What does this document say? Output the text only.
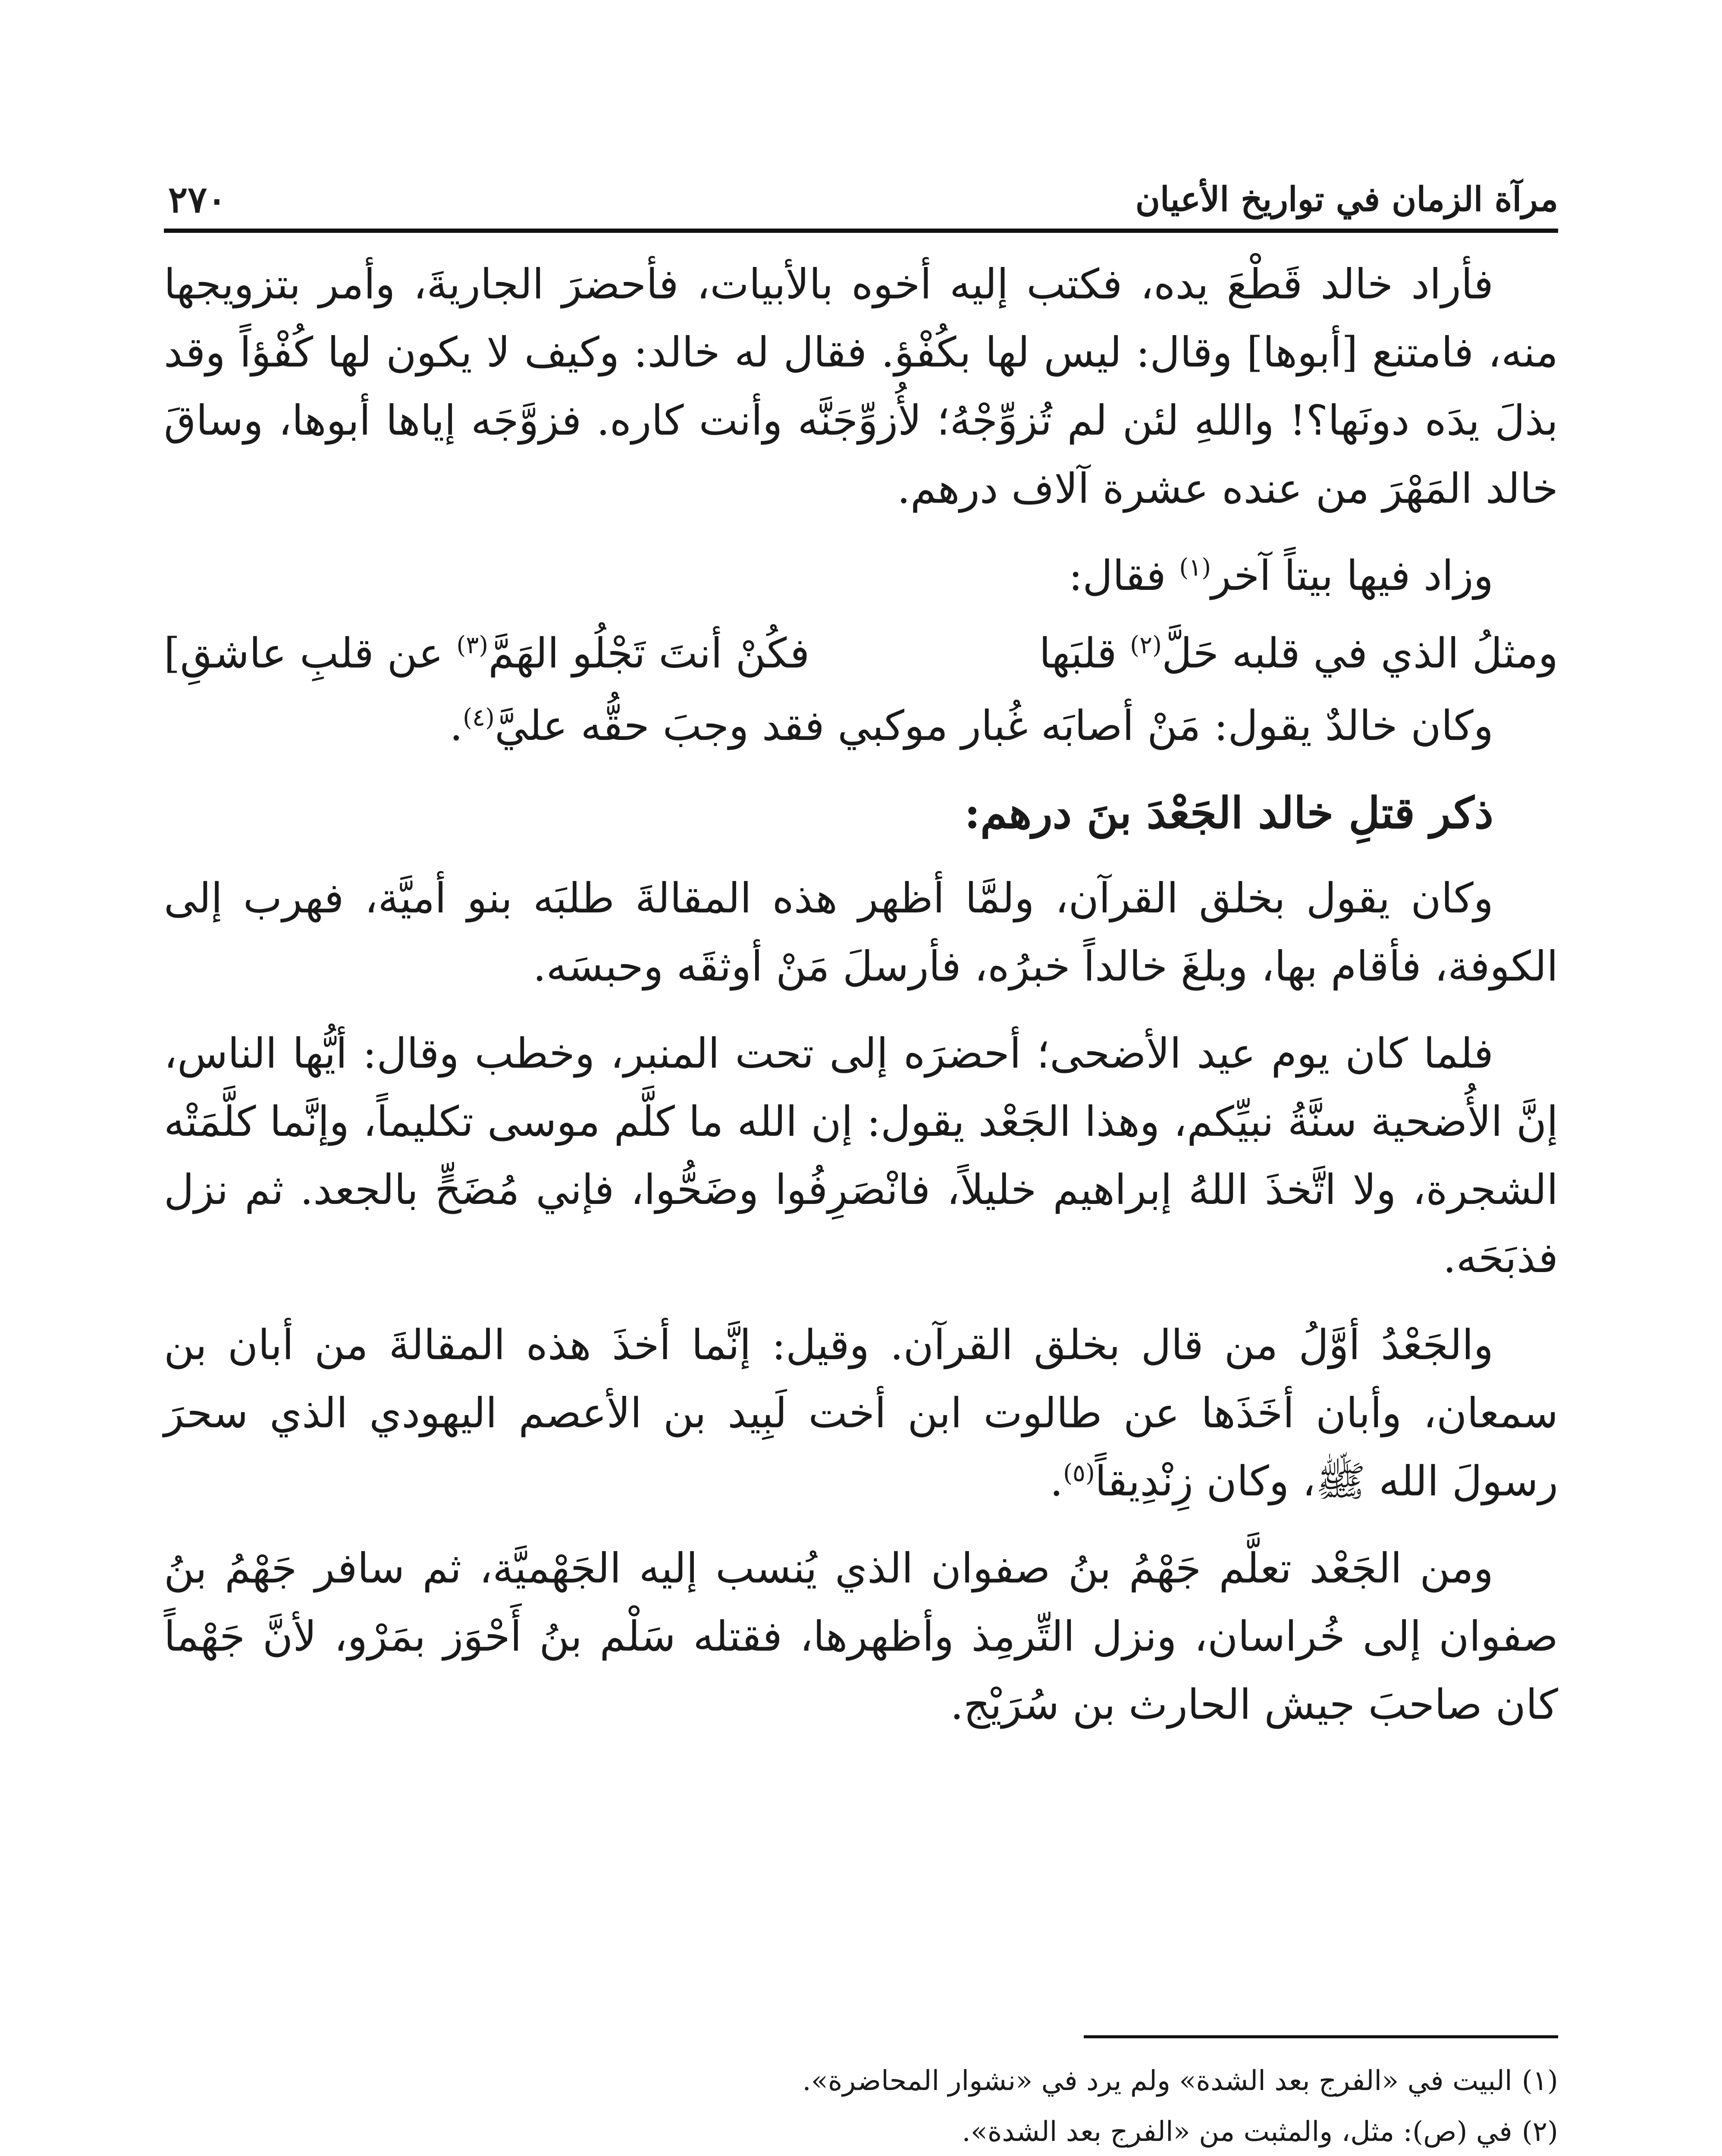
مرآة الزمان في تواريخ الأعيان
٢٧٠

فأراد خالد قَطْعَ يده، فكتب إليه أخوه بالأبيات، فأحضرَ الجاريةَ، وأمر بتزويجها منه، فامتنع [أبوها] وقال: ليس لها بكُفْؤ. فقال له خالد: وكيف لا يكون لها كُفْؤاً وقد بذلَ يدَه دونَها؟! واللهِ لئن لم تُزوِّجْهُ؛ لأُزوِّجَنَّه وأنت كاره. فزوَّجَه إياها أبوها، وساقَ خالد المَهْرَ من عنده عشرة آلاف درهم.

وزاد فيها بيتاً آخر$^{(١)}$ فقال:

ومثلُ الذي في قلبه حَلَّ$^{(٢)}$ قلبَها
فكُنْ أنتَ تَجْلُو الهَمَّ$^{(٣)}$ عن قلبِ عاشقِ]

وكان خالدٌ يقول: مَنْ أصابَه غُبار موكبي فقد وجبَ حقُّه عليَّ$^{(٤)}$.

ذكر قتلِ خالد الجَعْدَ بنَ درهم:

وكان يقول بخلق القرآن، ولمَّا أظهر هذه المقالةَ طلبَه بنو أميَّة، فهرب إلى الكوفة، فأقام بها، وبلغَ خالداً خبرُه، فأرسلَ مَنْ أوثقَه وحبسَه.

فلما كان يوم عيد الأضحى؛ أحضرَه إلى تحت المنبر، وخطب وقال: أيُّها الناس، إنَّ الأُضحية سنَّةُ نبيِّكم، وهذا الجَعْد يقول: إن الله ما كلَّم موسى تكليماً، وإنَّما كلَّمَتْه الشجرة، ولا اتَّخذَ اللهُ إبراهيم خليلاً، فانْصَرِفُوا وضَحُّوا، فإني مُضَحٍّ بالجعد. ثم نزل فذبَحَه.

والجَعْدُ أوَّلُ من قال بخلق القرآن. وقيل: إنَّما أخذَ هذه المقالةَ من أبان بن سمعان، وأبان أخَذَها عن طالوت ابن أخت لَبِيد بن الأعصم اليهودي الذي سحرَ رسولَ الله ﷺ، وكان زِنْدِيقاً$^{(٥)}$.

ومن الجَعْد تعلَّم جَهْمُ بنُ صفوان الذي يُنسب إليه الجَهْميَّة، ثم سافر جَهْمُ بنُ صفوان إلى خُراسان، ونزل التِّرمِذ وأظهرها، فقتله سَلْم بنُ أَحْوَز بمَرْو، لأنَّ جَهْماً كان صاحبَ جيش الحارث بن سُرَيْج.

(١)البيت في «الفرج بعد الشدة» ولم يرد في «نشوار المحاضرة».

(٢)في (ص): مثل، والمثبت من «الفرج بعد الشدة».
